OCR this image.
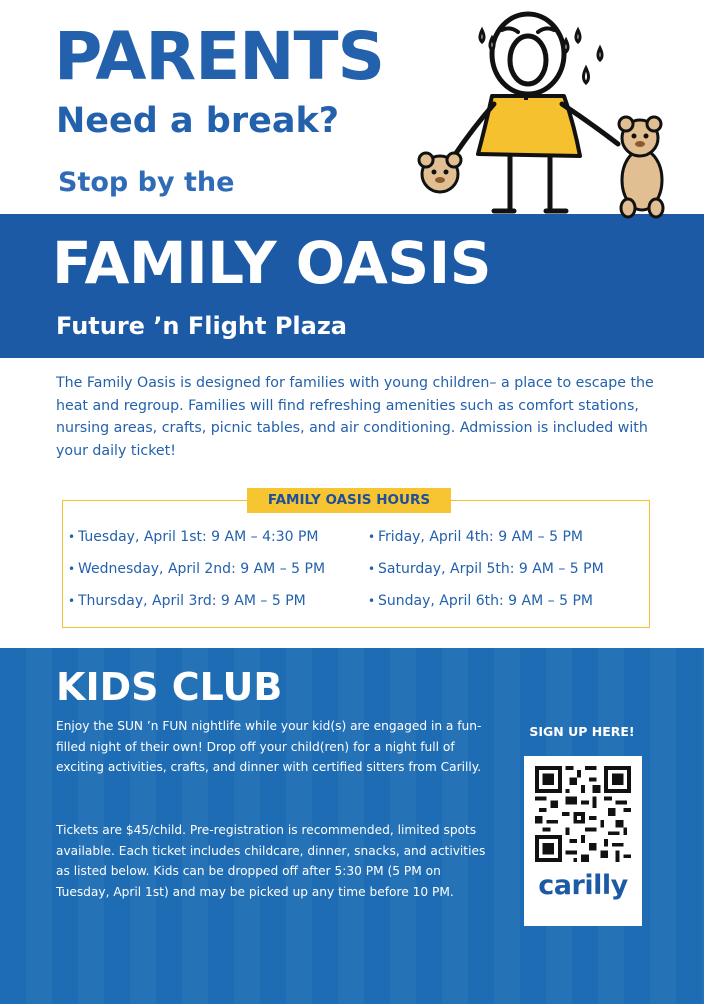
PARENTS
Need a break?
Stop by the
FAMILY OASIS
Future ’n Flight Plaza

The Family Oasis is designed for families with young children– a place to escape the heat and regroup. Families will find refreshing amenities such as comfort stations, nursing areas, crafts, picnic tables, and air conditioning. Admission is included with your daily ticket!

FAMILY OASIS HOURS
• Tuesday, April 1st: 9 AM – 4:30 PM
• Wednesday, April 2nd: 9 AM – 5 PM
• Thursday, April 3rd: 9 AM – 5 PM
• Friday, April 4th: 9 AM – 5 PM
• Saturday, Arpil 5th: 9 AM – 5 PM
• Sunday, April 6th: 9 AM – 5 PM
KIDS CLUB

Enjoy the SUN ’n FUN nightlife while your kid(s) are engaged in a fun-filled night of their own! Drop off your child(ren) for a night full of exciting activities, crafts, and dinner with certified sitters from Carilly.

Tickets are $45/child. Pre-registration is recommended, limited spots available. Each ticket includes childcare, dinner, snacks, and activities as listed below. Kids can be dropped off after 5:30 PM (5 PM on Tuesday, April 1st) and may be picked up any time before 10 PM.

SIGN UP HERE!
carilly
